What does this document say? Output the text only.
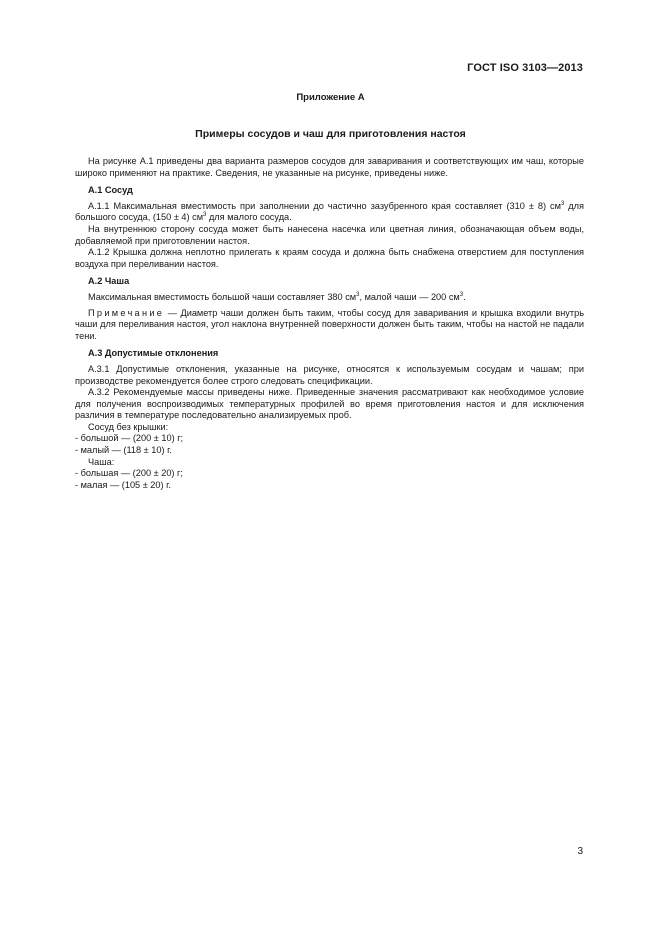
ГОСТ ISO 3103—2013
Приложение А
Примеры сосудов и чаш для приготовления настоя

На рисунке А.1 приведены два варианта размеров сосудов для заваривания и соответствующих им чаш, которые широко применяют на практике. Сведения, не указанные на рисунке, приведены ниже.

А.1 Сосуд

А.1.1 Максимальная вместимость при заполнении до частично зазубренного края составляет (310 ± 8) $см^3$ для большого сосуда, (150 ± 4) $см^3$ для малого сосуда.

На внутреннюю сторону сосуда может быть нанесена насечка или цветная линия, обозначающая объем воды, добавляемой при приготовлении настоя.

А.1.2 Крышка должна неплотно прилегать к краям сосуда и должна быть снабжена отверстием для поступления воздуха при переливании настоя.

А.2 Чаша

Максимальная вместимость большой чаши составляет 380 $см^3$, малой чаши — 200 $см^3$.

Примечание — Диаметр чаши должен быть таким, чтобы сосуд для заваривания и крышка входили внутрь чаши для переливания настоя, угол наклона внутренней поверхности должен быть таким, чтобы на настой не падали тени.

А.3 Допустимые отклонения

А.3.1 Допустимые отклонения, указанные на рисунке, относятся к используемым сосудам и чашам; при производстве рекомендуется более строго следовать спецификации.

А.3.2 Рекомендуемые массы приведены ниже. Приведенные значения рассматривают как необходимое условие для получения воспроизводимых температурных профилей во время приготовления настоя и для исключения различия в температуре последовательно анализируемых проб.

Сосуд без крышки:

- большой — (200 ± 10) г;

- малый — (118 ± 10) г.

Чаша:

- большая — (200 ± 20) г;

- малая — (105 ± 20) г.

3
